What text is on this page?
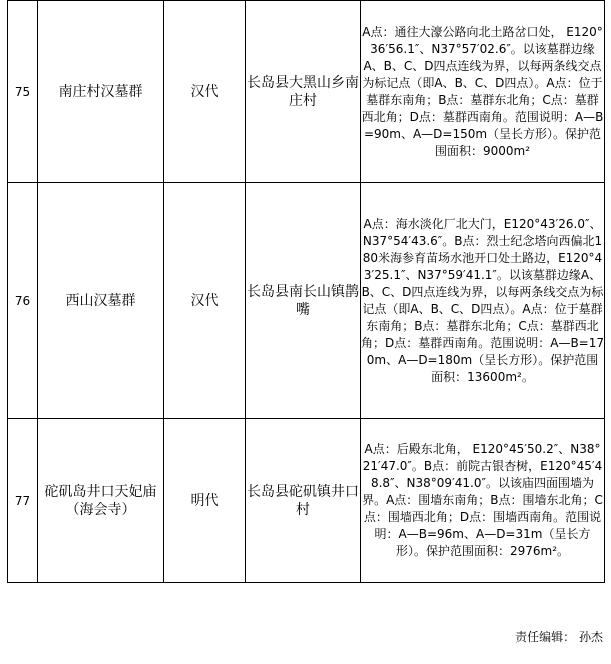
75	南庄村汉墓群	汉代	长岛县大黑山乡南庄村	A点：通往大濠公路向北土路岔口处， E120°36′56.1″、N37°57′02.6″。以该墓群边缘A、B、C、D四点连线为界，以每两条线交点为标记点（即A、B、C、D四点）。A点：位于墓群东南角；B点：墓群东北角；C点：墓群西北角；D点：墓群西南角。范围说明：A—B=90m、A—D=150m（呈长方形）。保护范围面积：9000m²
76	西山汉墓群	汉代	长岛县南长山镇鹊嘴	A点：海水淡化厂北大门，E120°43′26.0″、N37°54′43.6″。B点：烈士纪念塔向西偏北180米海参育苗场水池开口处土路边，E120°43′25.1″、N37°59′41.1″。以该墓群边缘A、B、C、D四点连线为界，以每两条线交点为标记点（即A、B、C、D四点）。A点：位于墓群东南角；B点：墓群东北角；C点：墓群西北角；D点：墓群西南角。范围说明：A—B=170m、A—D=180m（呈长方形）。保护范围面积：13600m²。
77	砣矶岛井口天妃庙（海会寺）	明代	长岛县砣矶镇井口村	A点：后殿东北角， E120°45′50.2″、N38°21′47.0″。B点：前院古银杏树，E120°45′48.8″、N38°09′41.0″。以该庙四面围墙为界。A点：围墙东南角；B点：围墙东北角；C点：围墙西北角；D点：围墙西南角。范围说明：A—B=96m、A—D=31m（呈长方形）。保护范围面积：2976m²。
责任编辑： 孙杰
